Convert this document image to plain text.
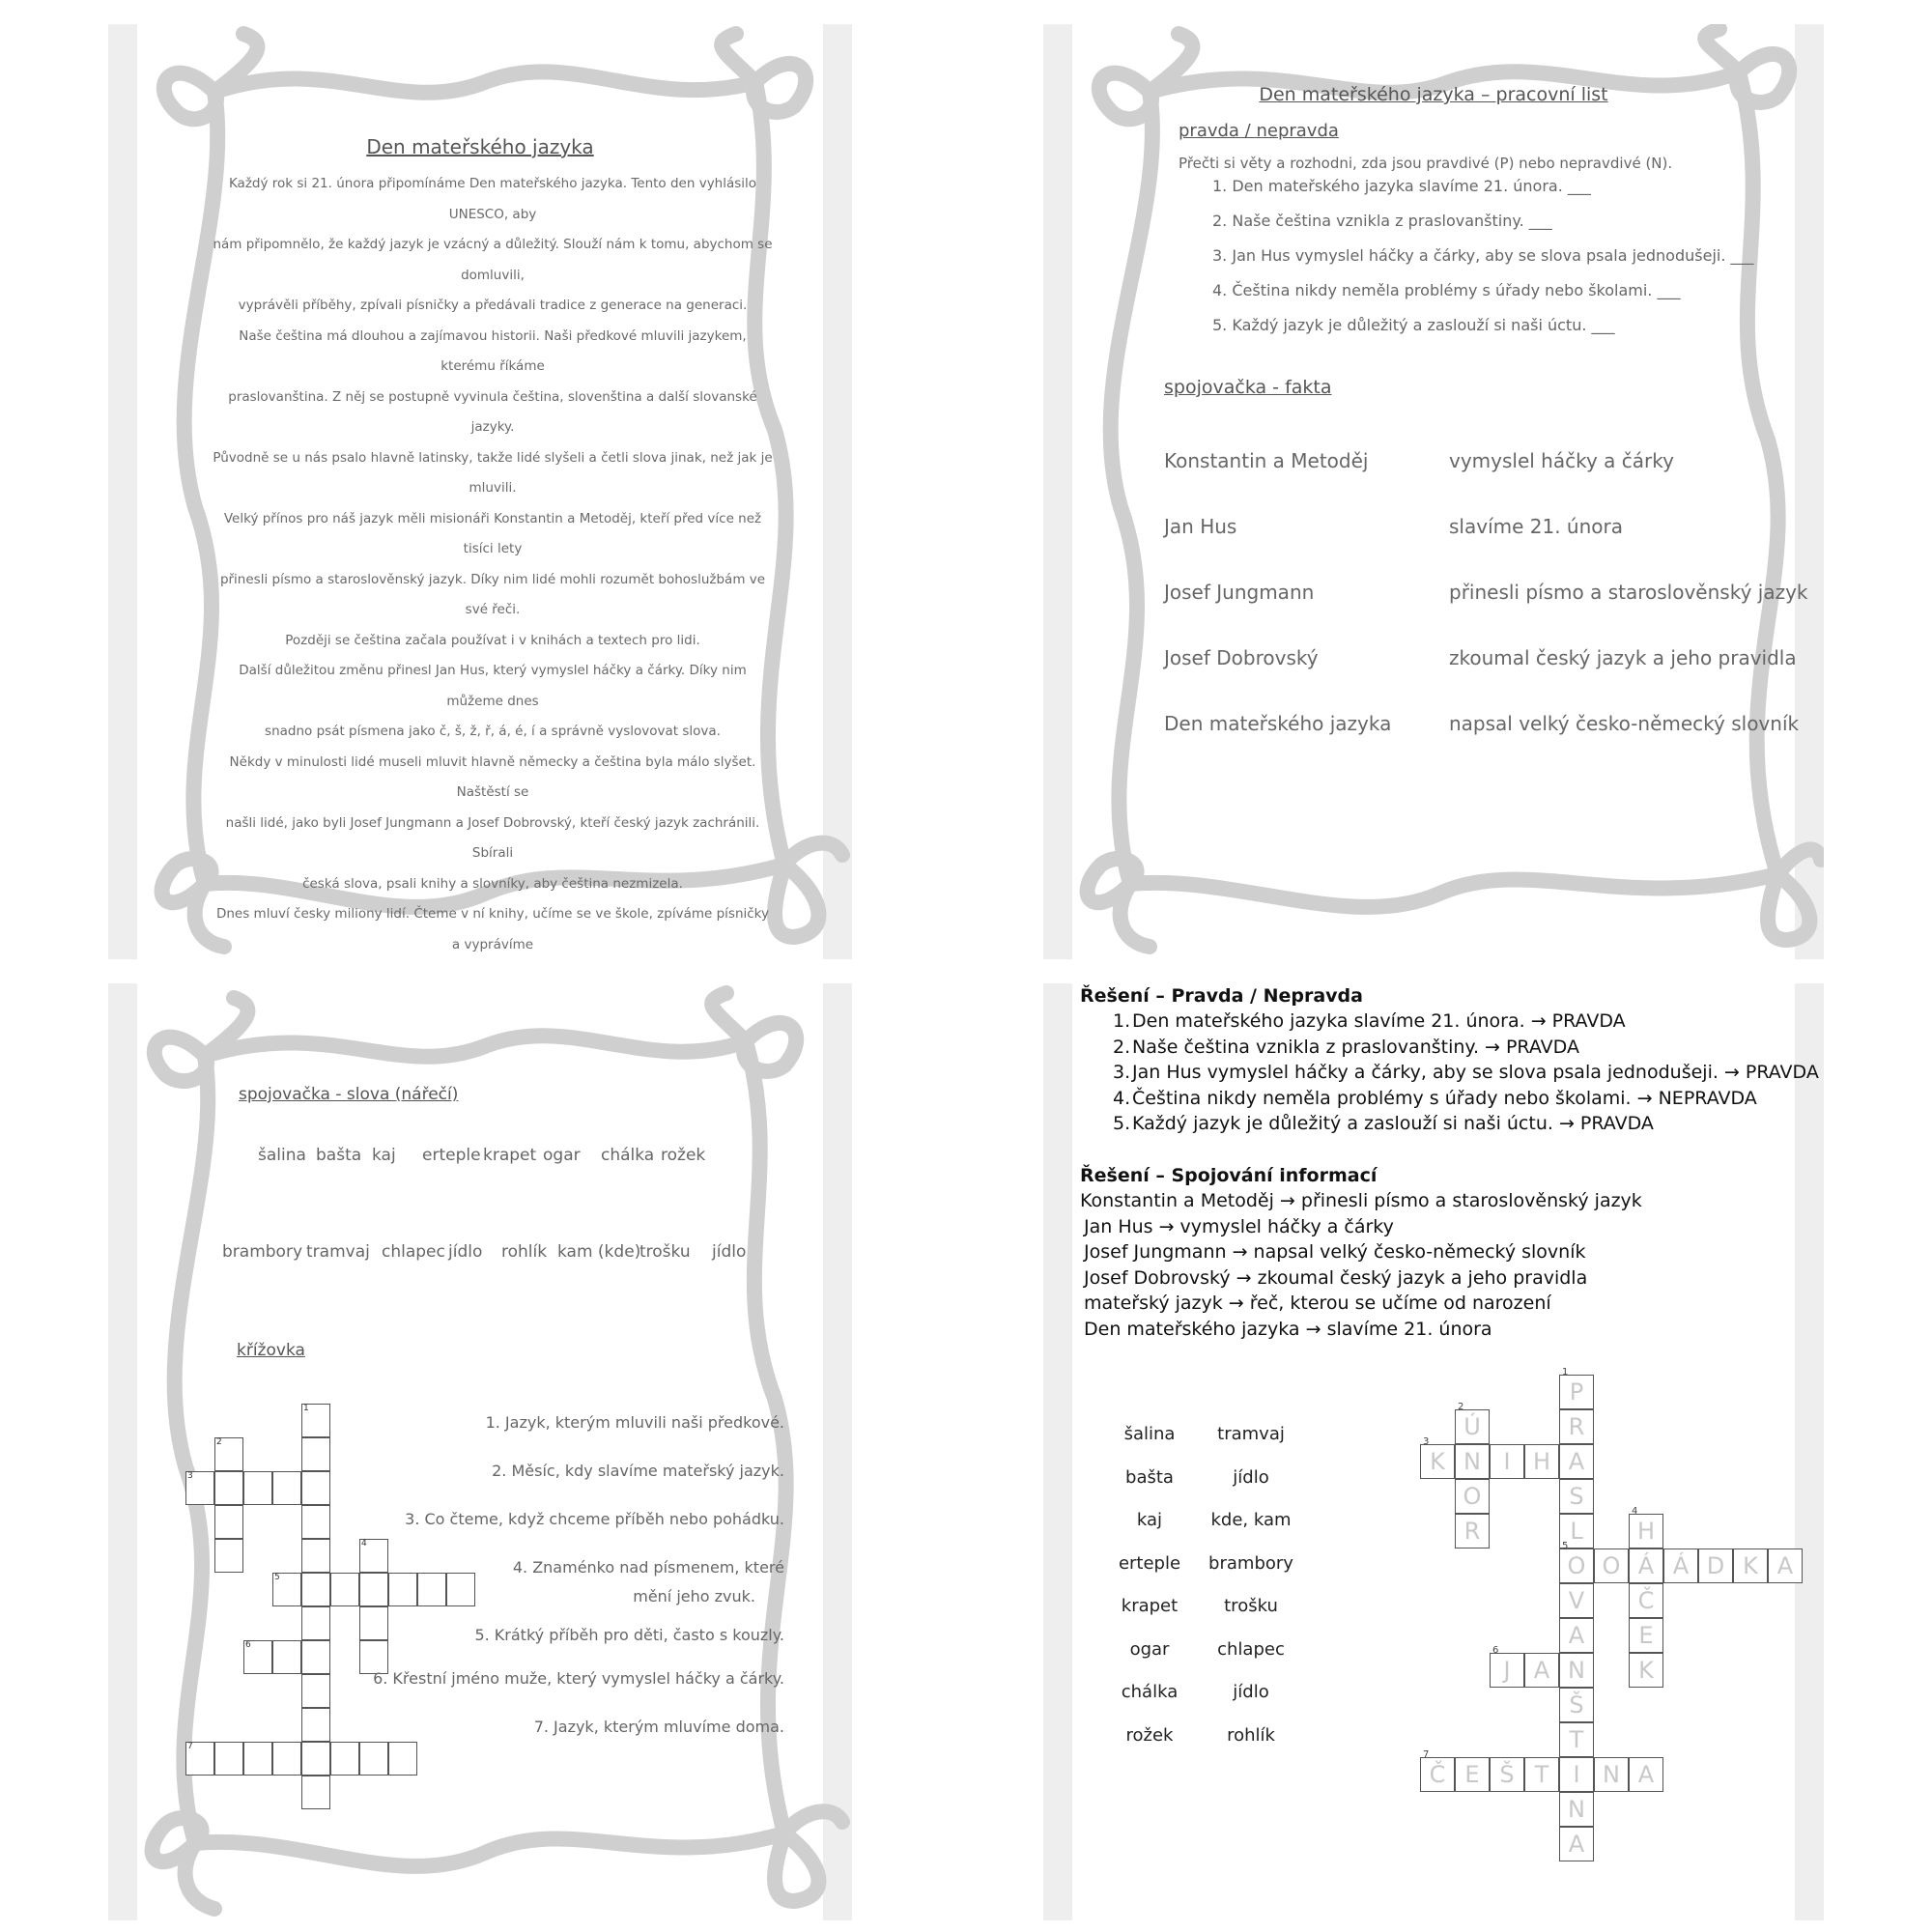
Den mateřského jazyka

Každý rok si 21. února připomínáme Den mateřského jazyka. Tento den vyhlásilo UNESCO, aby

nám připomnělo, že každý jazyk je vzácný a důležitý. Slouží nám k tomu, abychom se domluvili,

vyprávěli příběhy, zpívali písničky a předávali tradice z generace na generaci.

Naše čeština má dlouhou a zajímavou historii. Naši předkové mluvili jazykem, kterému říkáme

praslovanština. Z něj se postupně vyvinula čeština, slovenština a další slovanské jazyky.

Původně se u nás psalo hlavně latinsky, takže lidé slyšeli a četli slova jinak, než jak je mluvili.

Velký přínos pro náš jazyk měli misionáři Konstantin a Metoděj, kteří před více než tisíci lety

přinesli písmo a staroslověnský jazyk. Díky nim lidé mohli rozumět bohoslužbám ve své řeči.

Později se čeština začala používat i v knihách a textech pro lidi.

Další důležitou změnu přinesl Jan Hus, který vymyslel háčky a čárky. Díky nim můžeme dnes

snadno psát písmena jako č, š, ž, ř, á, é, í a správně vyslovovat slova.

Někdy v minulosti lidé museli mluvit hlavně německy a čeština byla málo slyšet. Naštěstí se

našli lidé, jako byli Josef Jungmann a Josef Dobrovský, kteří český jazyk zachránili. Sbírali

česká slova, psali knihy a slovníky, aby čeština nezmizela.

Dnes mluví česky miliony lidí. Čteme v ní knihy, učíme se ve škole, zpíváme písničky a vyprávíme

Den mateřského jazyka – pracovní list
pravda / nepravda
Přečti si věty a rozhodni, zda jsou pravdivé (P) nebo nepravdivé (N).
1. Den mateřského jazyka slavíme 21. února. ___
2. Naše čeština vznikla z praslovanštiny. ___
3. Jan Hus vymyslel háčky a čárky, aby se slova psala jednodušeji. ___
4. Čeština nikdy neměla problémy s úřady nebo školami. ___
5. Každý jazyk je důležitý a zaslouží si naši úctu. ___
spojovačka - fakta
Konstantin a Metoděj
Jan Hus
Josef Jungmann
Josef Dobrovský
Den mateřského jazyka
vymyslel háčky a čárky
slavíme 21. února
přinesli písmo a staroslověnský jazyk
zkoumal český jazyk a jeho pravidla
napsal velký česko-německý slovník
spojovačka - slova (nářečí)
šalina bašta kaj erteple krapet ogar chálka rožek
brambory tramvaj chlapec jídlo rohlík kam (kde)
trošku jídlo
křížovka
1
2
3
4
5
6
7
1. Jazyk, kterým mluvili naši předkové.
2. Měsíc, kdy slavíme mateřský jazyk.
3. Co čteme, když chceme příběh nebo pohádku.
4. Znaménko nad písmenem, které
mění jeho zvuk.
5. Krátký příběh pro děti, často s kouzly.
6. Křestní jméno muže, který vymyslel háčky a čárky.
7. Jazyk, kterým mluvíme doma.
Řešení – Pravda / Nepravda
1.Den mateřského jazyka slavíme 21. února. → PRAVDA
2.Naše čeština vznikla z praslovanštiny. → PRAVDA
3.Jan Hus vymyslel háčky a čárky, aby se slova psala jednodušeji. → PRAVDA
4.Čeština nikdy neměla problémy s úřady nebo školami. → NEPRAVDA
5.Každý jazyk je důležitý a zaslouží si naši úctu. → PRAVDA
Řešení – Spojování informací
Konstantin a Metoděj → přinesli písmo a staroslověnský jazyk
Jan Hus → vymyslel háčky a čárky
Josef Jungmann → napsal velký česko-německý slovník
Josef Dobrovský → zkoumal český jazyk a jeho pravidla
mateřský jazyk → řeč, kterou se učíme od narození
Den mateřského jazyka → slavíme 21. února
šalina
bašta
kaj
erteple
krapet
ogar
chálka
rožek
tramvaj
jídlo
kde, kam
brambory
trošku
chlapec
jídlo
rohlík
P
1
R
A
S
L
O
5
V
A
N
Š
T
I
N
A
Ú
2
N
O
R
K
3
I H
H
4
Á
Č
E
K
O	Á D K A
J
6
A
Č
7
E Š T	N A
